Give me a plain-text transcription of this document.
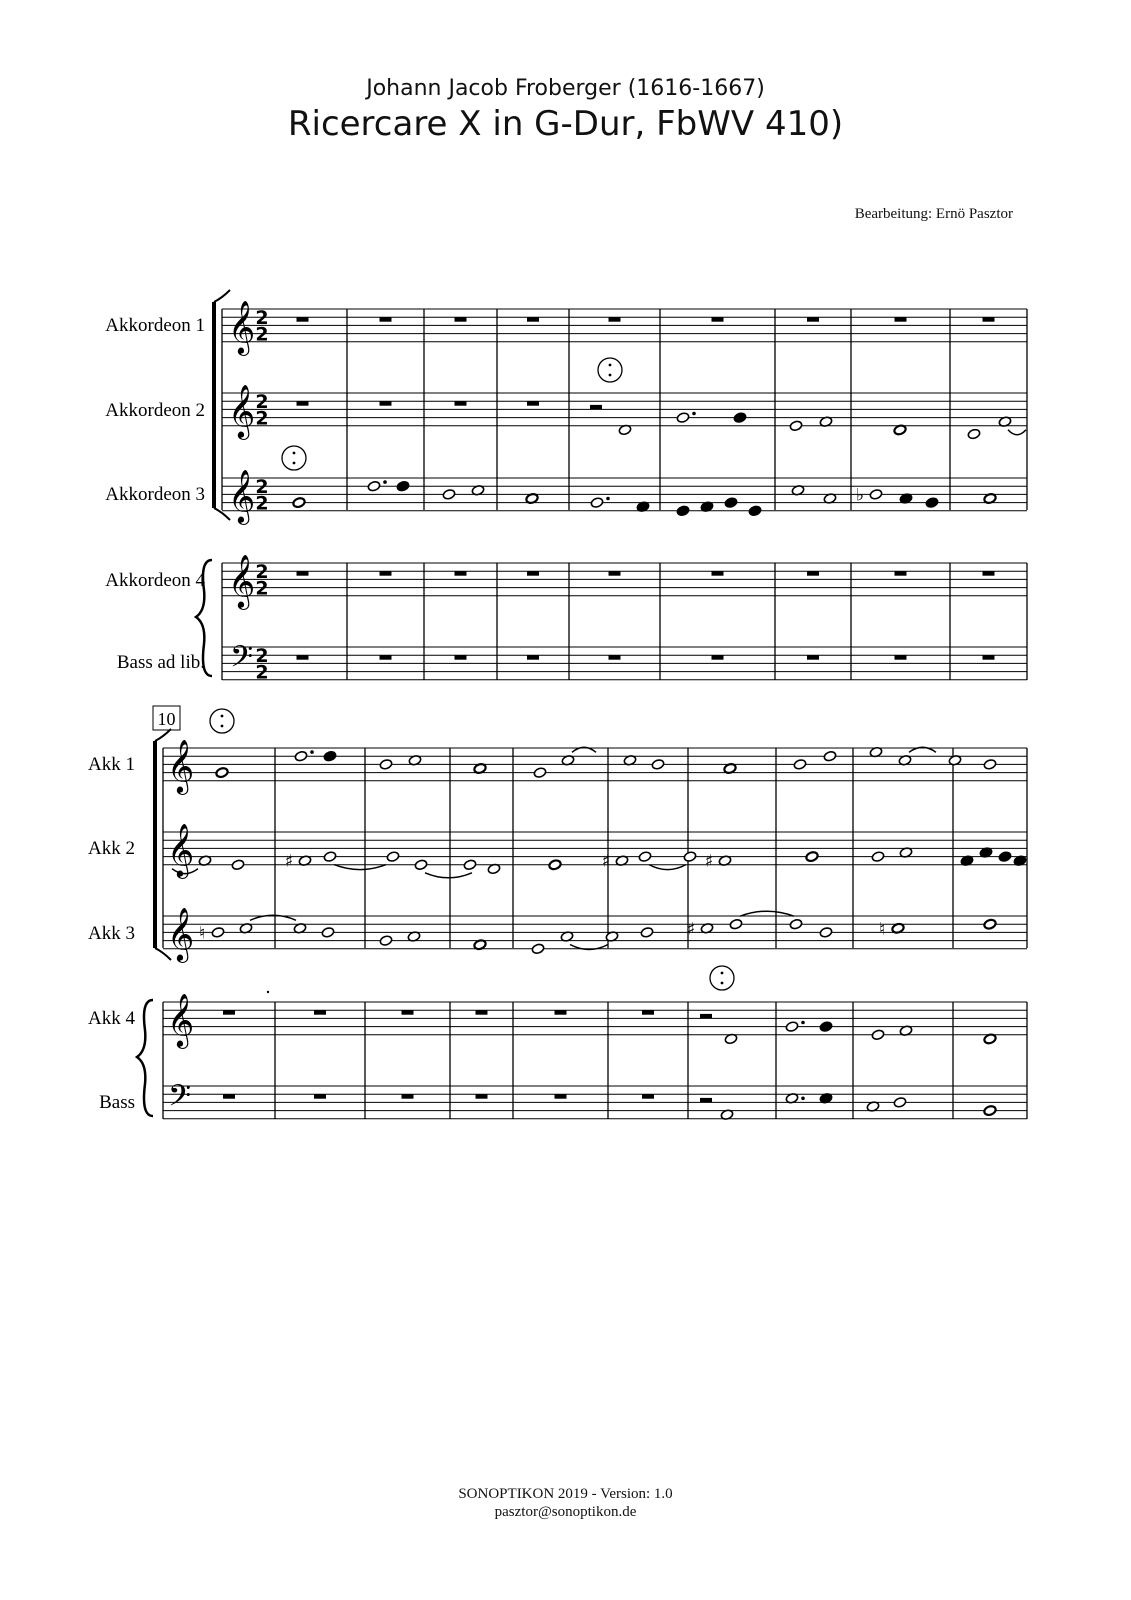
Johann Jacob Froberger (1616-1667)
Ricercare X in G-Dur, FbWV 410)
Bearbeitung: Ernö Pasztor
Akkordeon 1
Akkordeon 2
Akkordeon 3
Akkordeon 4
Bass ad lib.
𝄞 2
2
𝄞 2
2
𝄞 2
2
𝄞 2
2
𝄢 2
2
♭
10
Akk 1
Akk 2
Akk 3
Akk 4
Bass
𝄞
𝄞
𝄞
𝄞
𝄢
♯	♯	♯
♮	♯	♮
SONOPTIKON 2019 - Version: 1.0
pasztor@sonoptikon.de
